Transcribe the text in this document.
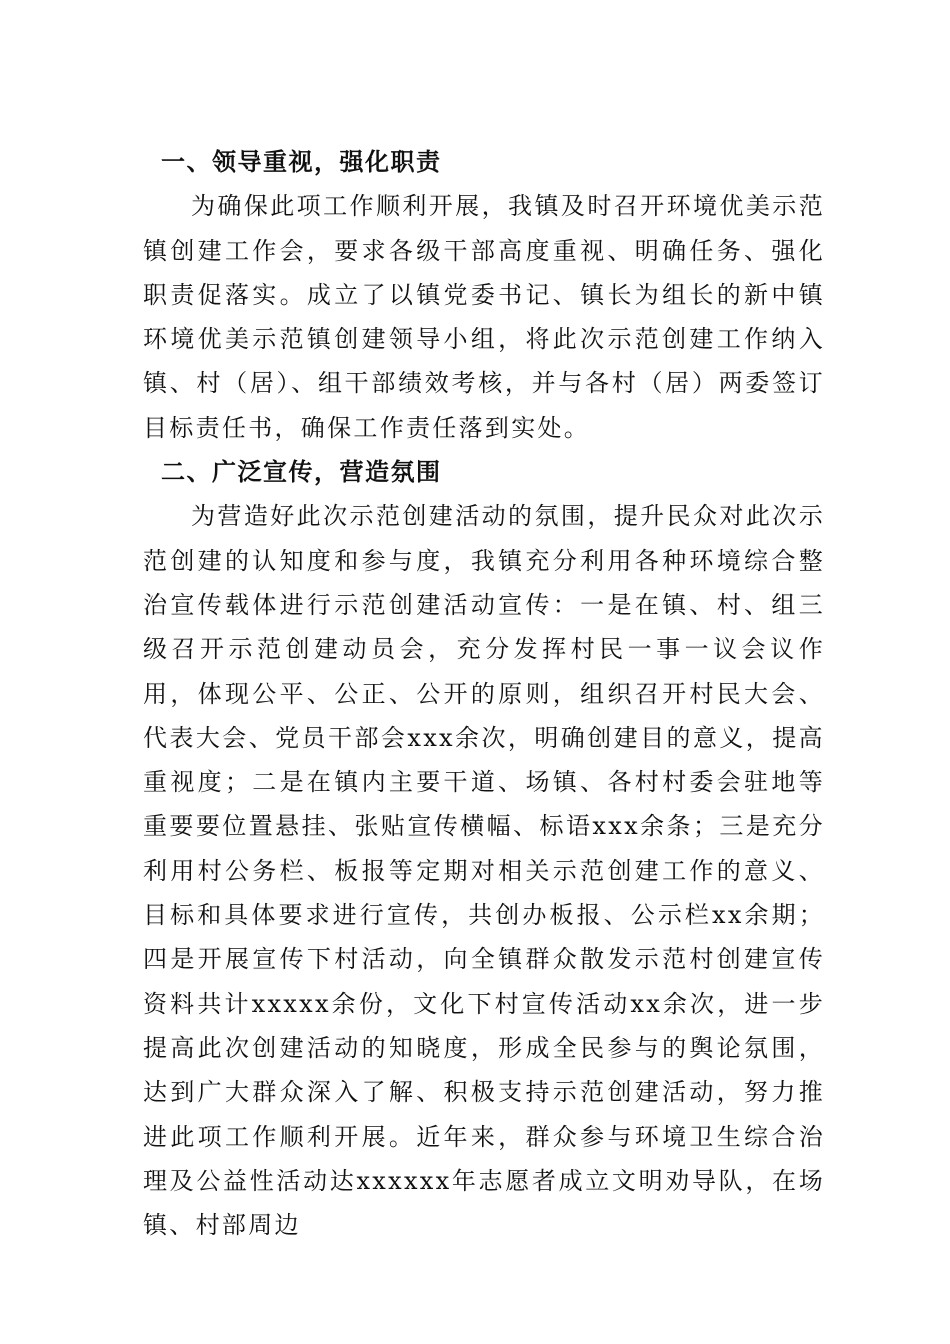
一、领导重视，强化职责

为确保此项工作顺利开展，我镇及时召开环境优美示范镇创建工作会，要求各级干部高度重视、明确任务、强化职责促落实。成立了以镇党委书记、镇长为组长的新中镇环境优美示范镇创建领导小组，将此次示范创建工作纳入镇、村（居）、组干部绩效考核，并与各村（居）两委签订目标责任书，确保工作责任落到实处。

二、广泛宣传，营造氛围

为营造好此次示范创建活动的氛围，提升民众对此次示范创建的认知度和参与度，我镇充分利用各种环境综合整治宣传载体进行示范创建活动宣传：一是在镇、村、组三级召开示范创建动员会，充分发挥村民一事一议会议作用，体现公平、公正、公开的原则，组织召开村民大会、代表大会、党员干部会xxx余次，明确创建目的意义，提高重视度；二是在镇内主要干道、场镇、各村村委会驻地等重要要位置悬挂、张贴宣传横幅、标语xxx余条；三是充分利用村公务栏、板报等定期对相关示范创建工作的意义、目标和具体要求进行宣传，共创办板报、公示栏xx余期；四是开展宣传下村活动，向全镇群众散发示范村创建宣传资料共计xxxxx余份，文化下村宣传活动xx余次，进一步提高此次创建活动的知晓度，形成全民参与的舆论氛围，达到广大群众深入了解、积极支持示范创建活动，努力推进此项工作顺利开展。近年来，群众参与环境卫生综合治理及公益性活动达xxxxxx年志愿者成立文明劝导队，在场镇、村部周边
